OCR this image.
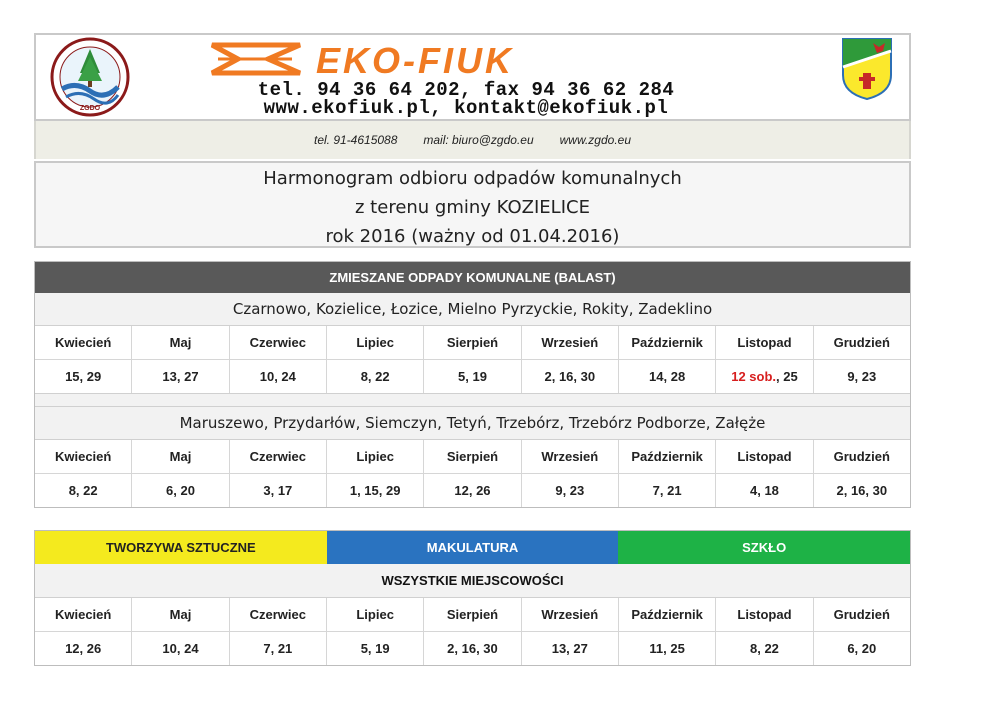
ZGDO
EKO-FIUK
tel. 94 36 64 202, fax 94 36 62 284
www.ekofiuk.pl, kontakt@ekofiuk.pl
tel. 91-4615088 mail: biuro@zgdo.eu www.zgdo.eu
Harmonogram odbioru odpadów komunalnych
z terenu gminy KOZIELICE
rok 2016 (ważny od 01.04.2016)
ZMIESZANE ODPADY KOMUNALNE (BALAST)
Czarnowo, Kozielice, Łozice, Mielno Pyrzyckie, Rokity, Zadeklino
Kwiecień	Maj	Czerwiec	Lipiec	Sierpień	Wrzesień	Październik	Listopad	Grudzień
15, 29	13, 27	10, 24	8, 22	5, 19	2, 16, 30	14, 28	12 sob., 25	9, 23
Maruszewo, Przydarłów, Siemczyn, Tetyń, Trzebórz, Trzebórz Podborze, Załęże
Kwiecień	Maj	Czerwiec	Lipiec	Sierpień	Wrzesień	Październik	Listopad	Grudzień
8, 22	6, 20	3, 17	1, 15, 29	12, 26	9, 23	7, 21	4, 18	2, 16, 30
TWORZYWA SZTUCZNE	MAKULATURA	SZKŁO
WSZYSTKIE MIEJSCOWOŚCI
Kwiecień	Maj	Czerwiec	Lipiec	Sierpień	Wrzesień	Październik	Listopad	Grudzień
12, 26	10, 24	7, 21	5, 19	2, 16, 30	13, 27	11, 25	8, 22	6, 20
